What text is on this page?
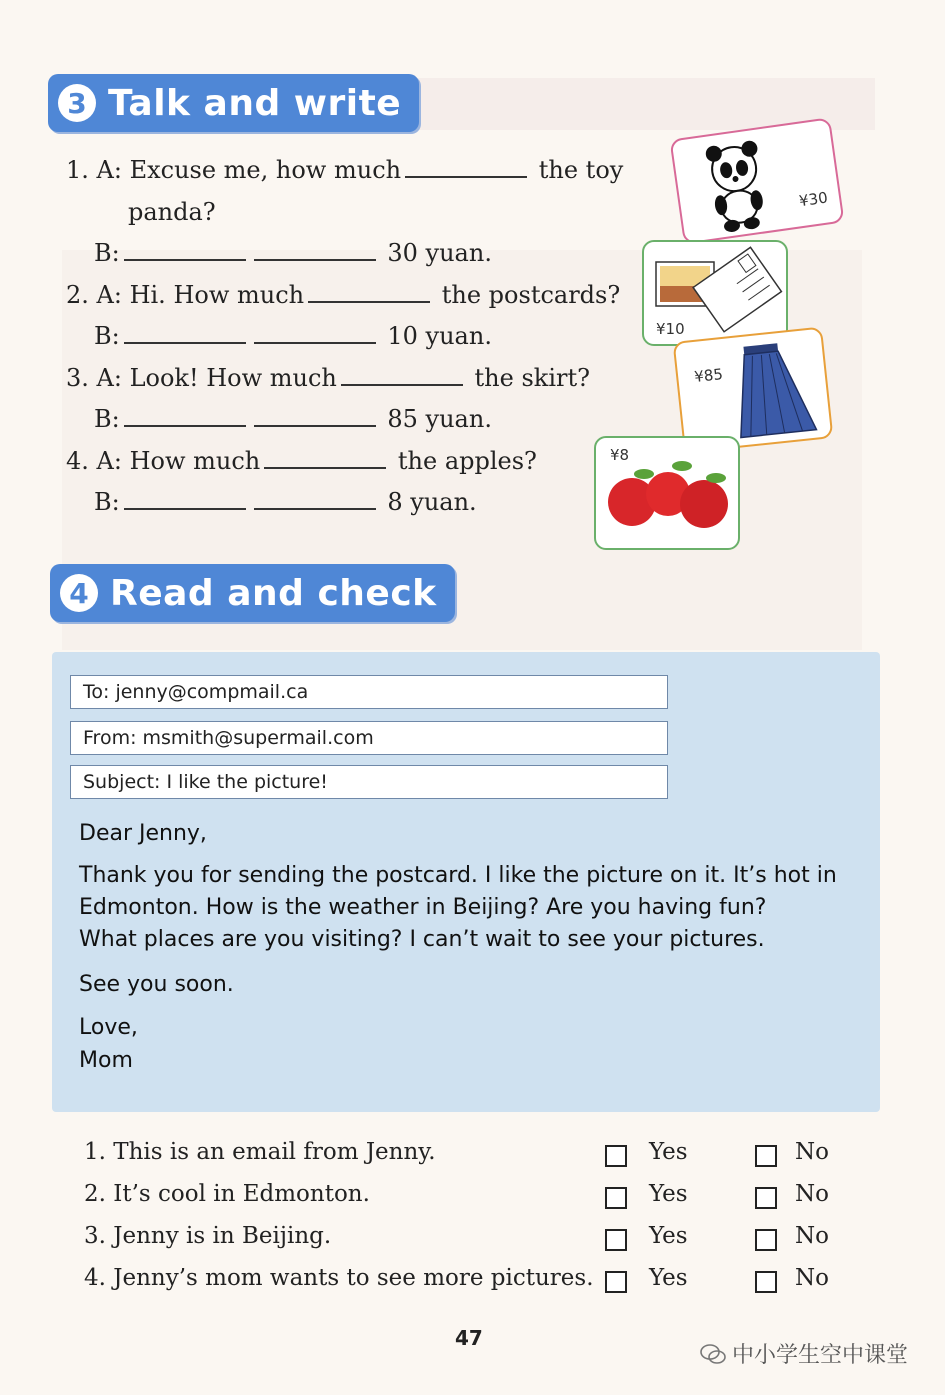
3 Talk and write
1. A: Excuse me, how much	the toy
panda?
B:	30 yuan.
2. A: Hi. How much	the postcards?
B:	10 yuan.
3. A: Look! How much	the skirt?
B:	85 yuan.
4. A: How much	the apples?
B:	8 yuan.
¥30
¥10
¥85
¥8
4 Read and check
To: jenny@compmail.ca
From: msmith@supermail.com
Subject: I like the picture!
Dear Jenny,
Thank you for sending the postcard. I like the picture on it. It’s hot in
Edmonton. How is the weather in Beijing? Are you having fun?
What places are you visiting? I can’t wait to see your pictures.
See you soon.
Love,
Mom
1. This is an email from Jenny.	Yes	No
2. It’s cool in Edmonton.	Yes	No
3. Jenny is in Beijing.	Yes	No
4. Jenny’s mom wants to see more pictures. Yes	No
47
中小学生空中课堂
